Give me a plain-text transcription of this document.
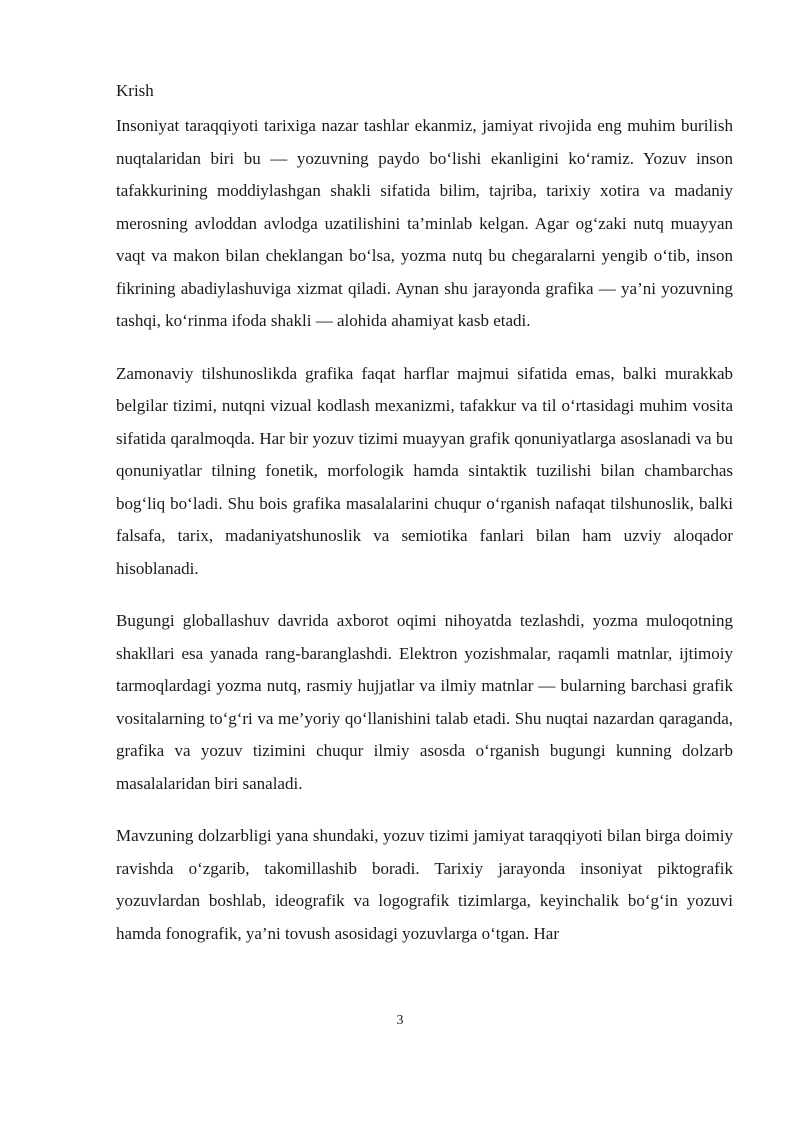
Krish

Insoniyat taraqqiyoti tarixiga nazar tashlar ekanmiz, jamiyat rivojida eng muhim burilish nuqtalaridan biri bu — yozuvning paydo bo‘lishi ekanligini ko‘ramiz. Yozuv inson tafakkurining moddiylashgan shakli sifatida bilim, tajriba, tarixiy xotira va madaniy merosning avloddan avlodga uzatilishini ta’minlab kelgan. Agar og‘zaki nutq muayyan vaqt va makon bilan cheklangan bo‘lsa, yozma nutq bu chegaralarni yengib o‘tib, inson fikrining abadiylashuviga xizmat qiladi. Aynan shu jarayonda grafika — ya’ni yozuvning tashqi, ko‘rinma ifoda shakli — alohida ahamiyat kasb etadi.

Zamonaviy tilshunoslikda grafika faqat harflar majmui sifatida emas, balki murakkab belgilar tizimi, nutqni vizual kodlash mexanizmi, tafakkur va til o‘rtasidagi muhim vosita sifatida qaralmoqda. Har bir yozuv tizimi muayyan grafik qonuniyatlarga asoslanadi va bu qonuniyatlar tilning fonetik, morfologik hamda sintaktik tuzilishi bilan chambarchas bog‘liq bo‘ladi. Shu bois grafika masalalarini chuqur o‘rganish nafaqat tilshunoslik, balki falsafa, tarix, madaniyatshunoslik va semiotika fanlari bilan ham uzviy aloqador hisoblanadi.

Bugungi globallashuv davrida axborot oqimi nihoyatda tezlashdi, yozma muloqotning shakllari esa yanada rang-baranglashdi. Elektron yozishmalar, raqamli matnlar, ijtimoiy tarmoqlardagi yozma nutq, rasmiy hujjatlar va ilmiy matnlar — bularning barchasi grafik vositalarning to‘g‘ri va me’yoriy qo‘llanishini talab etadi. Shu nuqtai nazardan qaraganda, grafika va yozuv tizimini chuqur ilmiy asosda o‘rganish bugungi kunning dolzarb masalalaridan biri sanaladi.

Mavzuning dolzarbligi yana shundaki, yozuv tizimi jamiyat taraqqiyoti bilan birga doimiy ravishda o‘zgarib, takomillashib boradi. Tarixiy jarayonda insoniyat piktografik yozuvlardan boshlab, ideografik va logografik tizimlarga, keyinchalik bo‘g‘in yozuvi hamda fonografik, ya’ni tovush asosidagi yozuvlarga o‘tgan. Har

3
